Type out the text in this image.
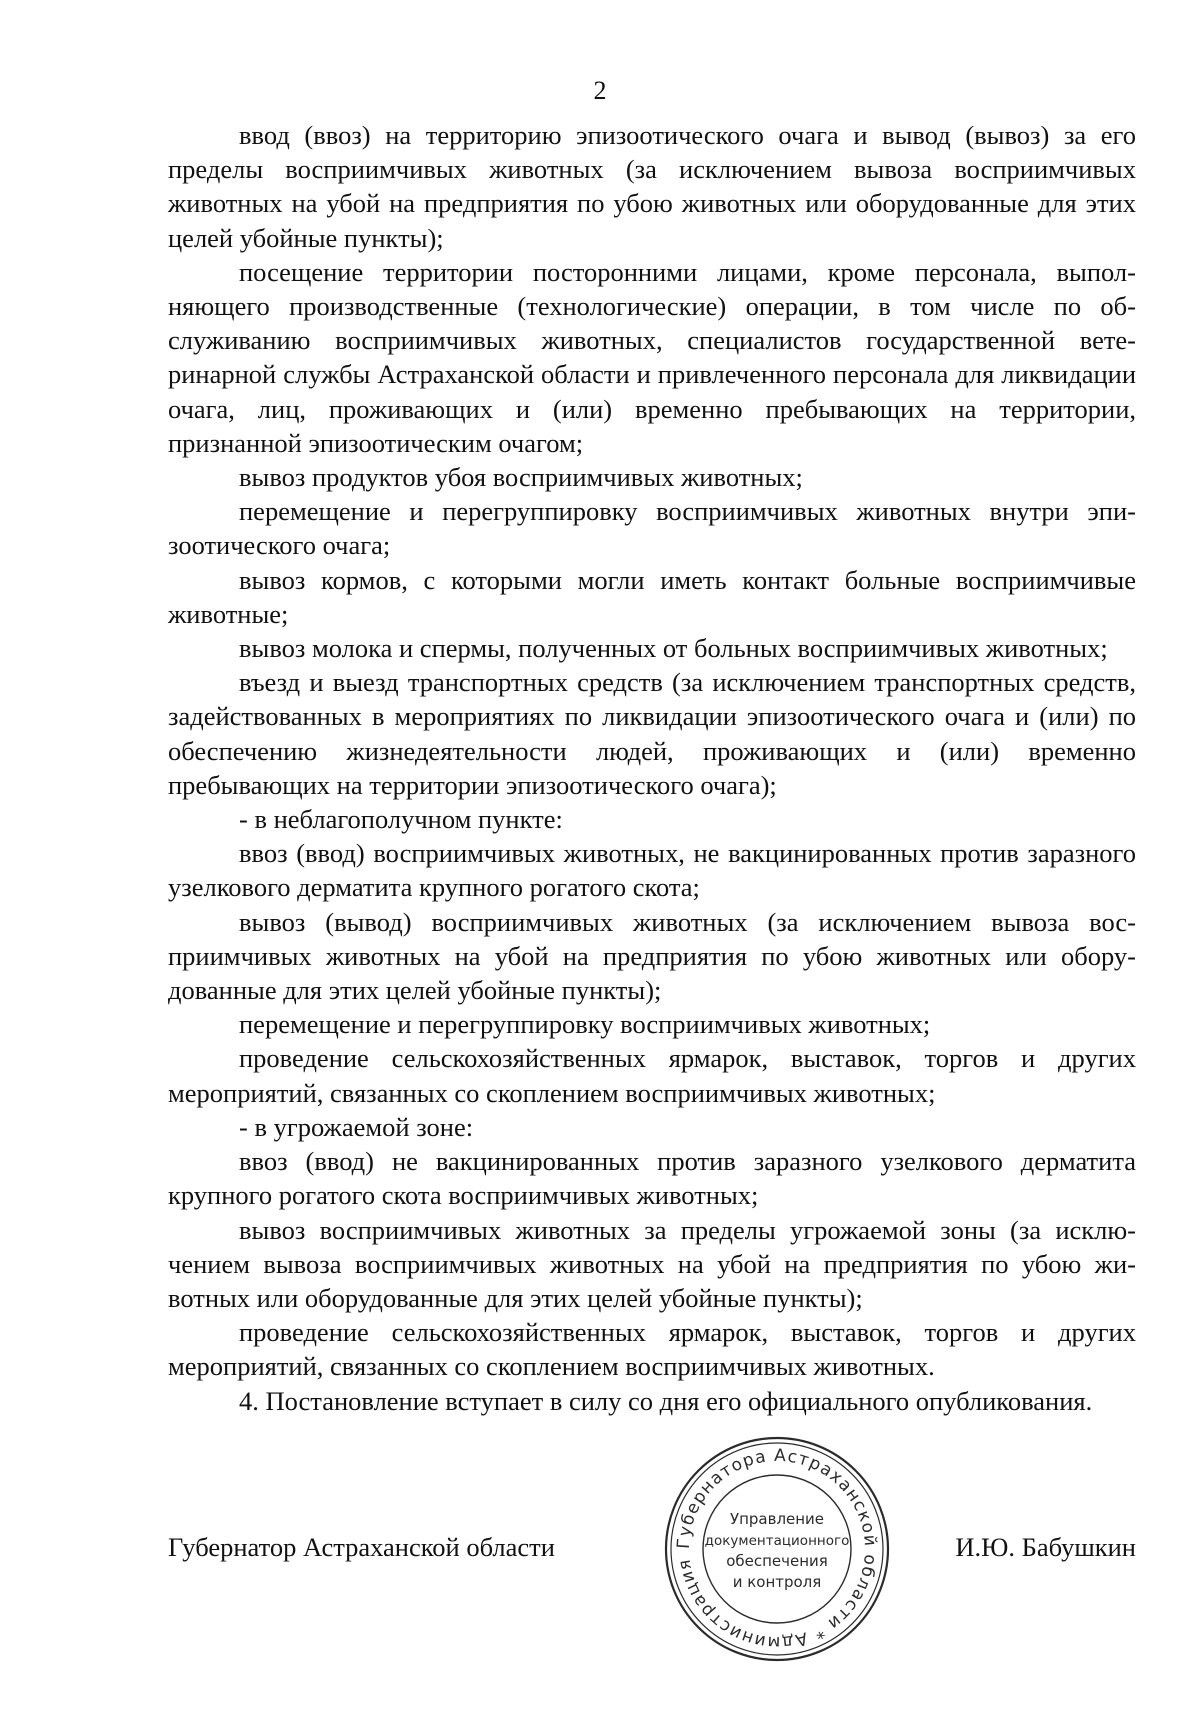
2

ввод (ввоз) на территорию эпизоотического очага и вывод (вывоз) за его пределы восприимчивых животных (за исключением вывоза восприимчивых животных на убой на предприятия по убою животных или оборудованные для этих целей убойные пункты);

посещение территории посторонними лицами, кроме персонала, выполняющего производственные (технологические) операции, в том числе по обслуживанию восприимчивых животных, специалистов государственной ветеринарной службы Астраханской области и привлеченного персонала для ликвидации очага, лиц, проживающих и (или) временно пребывающих на территории, признанной эпизоотическим очагом;

вывоз продуктов убоя восприимчивых животных;

перемещение и перегруппировку восприимчивых животных внутри эпизоотического очага;

вывоз кормов, с которыми могли иметь контакт больные восприимчивые животные;

вывоз молока и спермы, полученных от больных восприимчивых животных;

въезд и выезд транспортных средств (за исключением транспортных средств, задействованных в мероприятиях по ликвидации эпизоотического очага и (или) по обеспечению жизнедеятельности людей, проживающих и (или) временно пребывающих на территории эпизоотического очага);

- в неблагополучном пункте:

ввоз (ввод) восприимчивых животных, не вакцинированных против заразного узелкового дерматита крупного рогатого скота;

вывоз (вывод) восприимчивых животных (за исключением вывоза восприимчивых животных на убой на предприятия по убою животных или оборудованные для этих целей убойные пункты);

перемещение и перегруппировку восприимчивых животных;

проведение сельскохозяйственных ярмарок, выставок, торгов и других мероприятий, связанных со скоплением восприимчивых животных;

- в угрожаемой зоне:

ввоз (ввод) не вакцинированных против заразного узелкового дерматита крупного рогатого скота восприимчивых животных;

вывоз восприимчивых животных за пределы угрожаемой зоны (за исключением вывоза восприимчивых животных на убой на предприятия по убою животных или оборудованные для этих целей убойные пункты);

проведение сельскохозяйственных ярмарок, выставок, торгов и других мероприятий, связанных со скоплением восприимчивых животных.

4. Постановление вступает в силу со дня его официального опубликования.

Губернатор Астраханской области	И.Ю. Бабушкин
Губернатора Астраханской области * Администрация
Управление
документационного
обеспечения
и контроля
